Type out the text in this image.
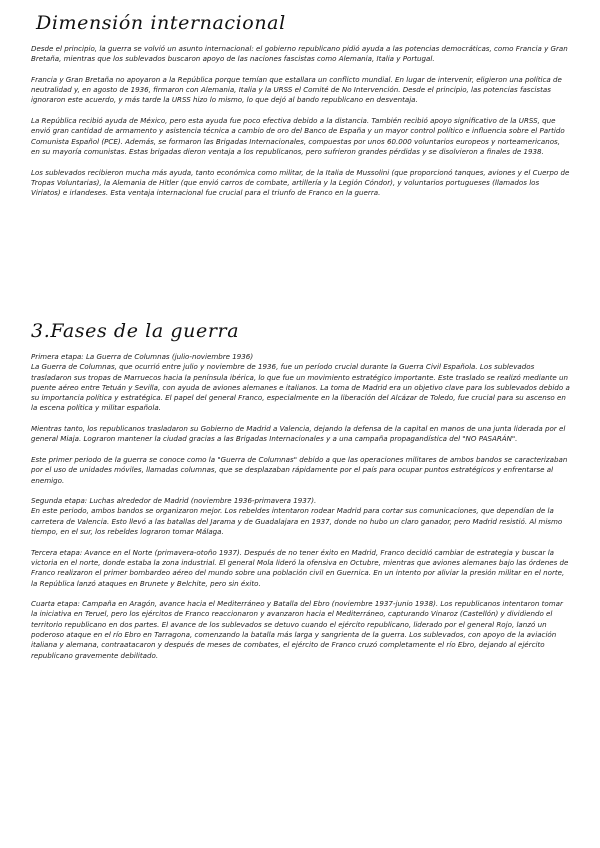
Dimensión internacional

Desde el principio, la guerra se volvió un asunto internacional: el gobierno republicano pidió ayuda a las potencias democráticas, como Francia y Gran Bretaña, mientras que los sublevados buscaron apoyo de las naciones fascistas como Alemania, Italia y Portugal.

Francia y Gran Bretaña no apoyaron a la República porque temían que estallara un conflicto mundial. En lugar de intervenir, eligieron una política de neutralidad y, en agosto de 1936, firmaron con Alemania, Italia y la URSS el Comité de No Intervención. Desde el principio, las potencias fascistas ignoraron este acuerdo, y más tarde la URSS hizo lo mismo, lo que dejó al bando republicano en desventaja.

La República recibió ayuda de México, pero esta ayuda fue poco efectiva debido a la distancia. También recibió apoyo significativo de la URSS, que envió gran cantidad de armamento y asistencia técnica a cambio de oro del Banco de España y un mayor control político e influencia sobre el Partido Comunista Español (PCE). Además, se formaron las Brigadas Internacionales, compuestas por unos 60.000 voluntarios europeos y norteamericanos, en su mayoría comunistas. Estas brigadas dieron ventaja a los republicanos, pero sufrieron grandes pérdidas y se disolvieron a finales de 1938.

Los sublevados recibieron mucha más ayuda, tanto económica como militar, de la Italia de Mussolini (que proporcionó tanques, aviones y el Cuerpo de Tropas Voluntarias), la Alemania de Hitler (que envió carros de combate, artillería y la Legión Cóndor), y voluntarios portugueses (llamados los Viriatos) e irlandeses. Esta ventaja internacional fue crucial para el triunfo de Franco en la guerra.

3.Fases de la guerra

Primera etapa: La Guerra de Columnas (julio-noviembre 1936)

La Guerra de Columnas, que ocurrió entre julio y noviembre de 1936, fue un período crucial durante la Guerra Civil Española. Los sublevados trasladaron sus tropas de Marruecos hacia la península ibérica, lo que fue un movimiento estratégico importante. Este traslado se realizó mediante un puente aéreo entre Tetuán y Sevilla, con ayuda de aviones alemanes e italianos. La toma de Madrid era un objetivo clave para los sublevados debido a su importancia política y estratégica. El papel del general Franco, especialmente en la liberación del Alcázar de Toledo, fue crucial para su ascenso en la escena política y militar española.

Mientras tanto, los republicanos trasladaron su Gobierno de Madrid a Valencia, dejando la defensa de la capital en manos de una junta liderada por el general Miaja. Lograron mantener la ciudad gracias a las Brigadas Internacionales y a una campaña propagandística del "NO PASARÁN".

Este primer periodo de la guerra se conoce como la "Guerra de Columnas" debido a que las operaciones militares de ambos bandos se caracterizaban por el uso de unidades móviles, llamadas columnas, que se desplazaban rápidamente por el país para ocupar puntos estratégicos y enfrentarse al enemigo.

Segunda etapa: Luchas alrededor de Madrid (noviembre 1936-primavera 1937).

En este periodo, ambos bandos se organizaron mejor. Los rebeldes intentaron rodear Madrid para cortar sus comunicaciones, que dependían de la carretera de Valencia. Esto llevó a las batallas del Jarama y de Guadalajara en 1937, donde no hubo un claro ganador, pero Madrid resistió. Al mismo tiempo, en el sur, los rebeldes lograron tomar Málaga.

Tercera etapa: Avance en el Norte (primavera-otoño 1937). Después de no tener éxito en Madrid, Franco decidió cambiar de estrategia y buscar la victoria en el norte, donde estaba la zona industrial. El general Mola lideró la ofensiva en Octubre, mientras que aviones alemanes bajo las órdenes de Franco realizaron el primer bombardeo aéreo del mundo sobre una población civil en Guernica. En un intento por aliviar la presión militar en el norte, la República lanzó ataques en Brunete y Belchite, pero sin éxito.

Cuarta etapa: Campaña en Aragón, avance hacia el Mediterráneo y Batalla del Ebro (noviembre 1937-junio 1938). Los republicanos intentaron tomar la iniciativa en Teruel, pero los ejércitos de Franco reaccionaron y avanzaron hacia el Mediterráneo, capturando Vinaroz (Castellón) y dividiendo el territorio republicano en dos partes. El avance de los sublevados se detuvo cuando el ejército republicano, liderado por el general Rojo, lanzó un poderoso ataque en el río Ebro en Tarragona, comenzando la batalla más larga y sangrienta de la guerra. Los sublevados, con apoyo de la aviación italiana y alemana, contraatacaron y después de meses de combates, el ejército de Franco cruzó completamente el río Ebro, dejando al ejército republicano gravemente debilitado.
